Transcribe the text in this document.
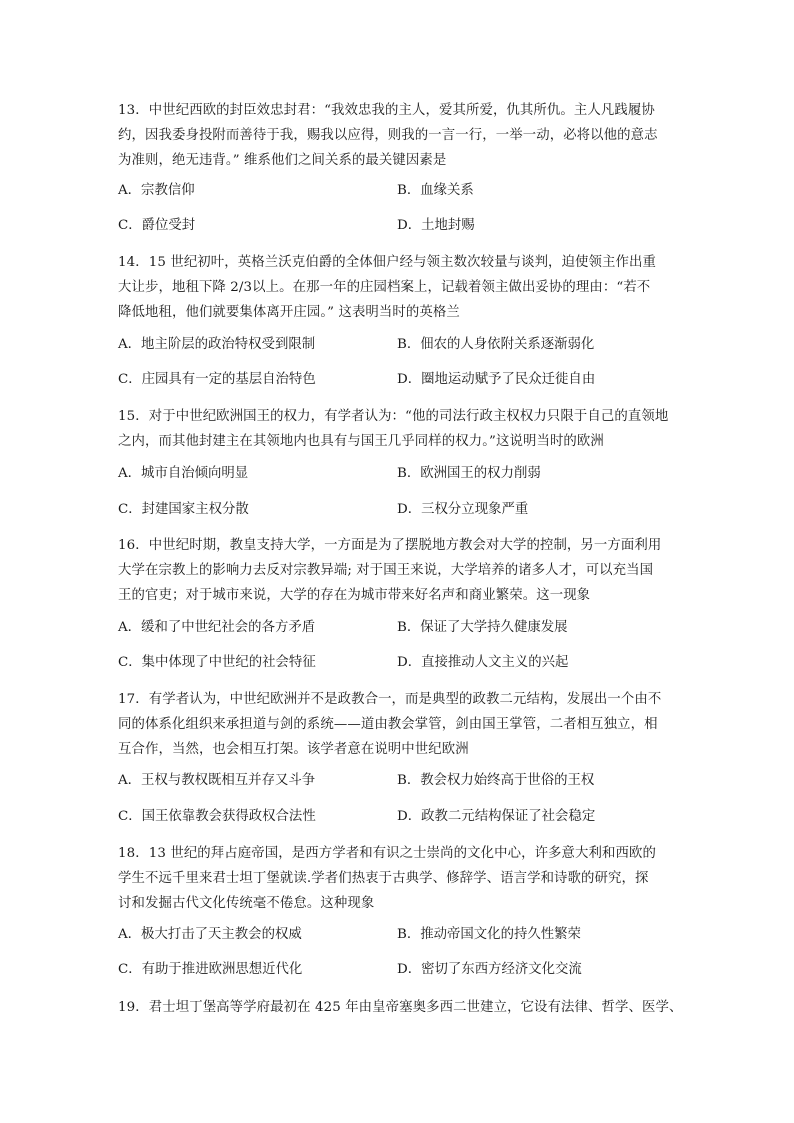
13．中世纪西欧的封臣效忠封君：“我效忠我的主人，爱其所爱，仇其所仇。主人凡践履协
约，因我委身投附而善待于我，赐我以应得，则我的一言一行，一举一动，必将以他的意志
为准则，绝无违背。” 维系他们之间关系的最关键因素是
A．宗教信仰	B．血缘关系
C．爵位受封	D．土地封赐
14．15 世纪初叶，英格兰沃克伯爵的全体佃户经与领主数次较量与谈判，迫使领主作出重
大让步，地租下降 2/3以上。在那一年的庄园档案上，记载着领主做出妥协的理由：“若不
降低地租，他们就要集体离开庄园。” 这表明当时的英格兰
A．地主阶层的政治特权受到限制	B．佃农的人身依附关系逐渐弱化
C．庄园具有一定的基层自治特色	D．圈地运动赋予了民众迁徙自由
15．对于中世纪欧洲国王的权力，有学者认为：“他的司法行政主权权力只限于自己的直领地
之内，而其他封建主在其领地内也具有与国王几乎同样的权力。”这说明当时的欧洲
A．城市自治倾向明显	B．欧洲国王的权力削弱
C．封建国家主权分散	D．三权分立现象严重
16．中世纪时期，教皇支持大学，一方面是为了摆脱地方教会对大学的控制，另一方面利用
大学在宗教上的影响力去反对宗教异端; 对于国王来说，大学培养的诸多人才，可以充当国
王的官吏；对于城市来说，大学的存在为城市带来好名声和商业繁荣。这一现象
A．缓和了中世纪社会的各方矛盾	B．保证了大学持久健康发展
C．集中体现了中世纪的社会特征	D．直接推动人文主义的兴起
17．有学者认为，中世纪欧洲并不是政教合一，而是典型的政教二元结构，发展出一个由不
同的体系化组织来承担道与剑的系统——道由教会掌管，剑由国王掌管，二者相互独立，相
互合作，当然，也会相互打架。该学者意在说明中世纪欧洲
A．王权与教权既相互并存又斗争	B．教会权力始终高于世俗的王权
C．国王依靠教会获得政权合法性	D．政教二元结构保证了社会稳定
18．13 世纪的拜占庭帝国，是西方学者和有识之士崇尚的文化中心，许多意大利和西欧的
学生不远千里来君士坦丁堡就读.学者们热衷于古典学、修辞学、语言学和诗歌的研究，探
讨和发掘古代文化传统毫不倦怠。这种现象
A．极大打击了天主教会的权威	B．推动帝国文化的持久性繁荣
C．有助于推进欧洲思想近代化	D．密切了东西方经济文化交流
19．君士坦丁堡高等学府最初在 425 年由皇帝塞奥多西二世建立，它设有法律、哲学、医学、
